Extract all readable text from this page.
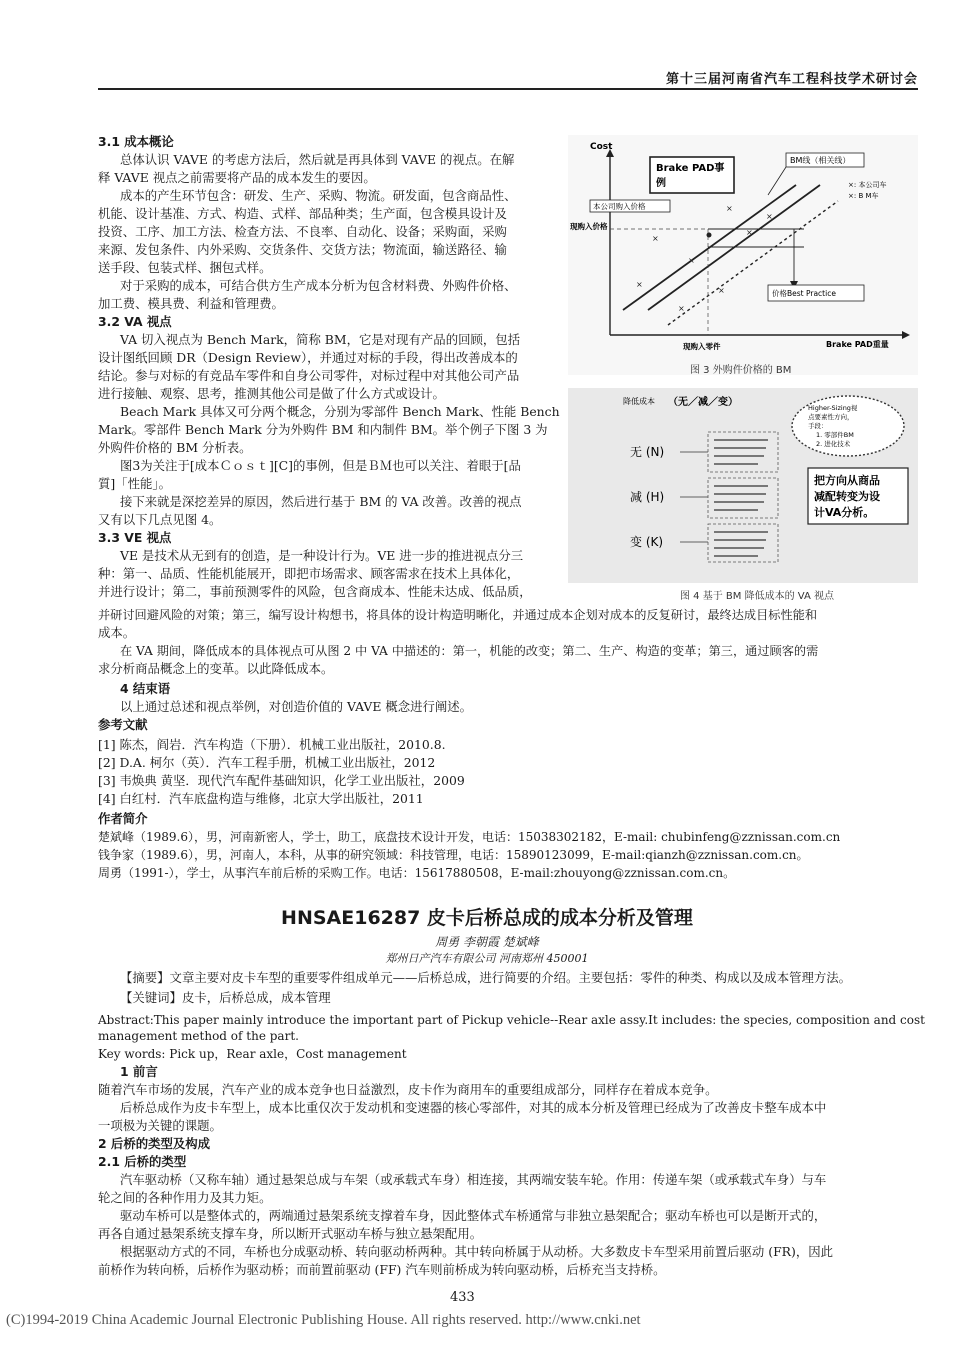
第十三届河南省汽车工程科技学术研讨会
3.1 成本概论
总体认识 VAVE 的考虑方法后，然后就是再具体到 VAVE 的视点。在解
释 VAVE 视点之前需要将产品的成本发生的要因。
成本的产生环节包含：研发、生产、采购、物流。研发面，包含商品性、
机能、设计基准、方式、构造、式样、部品种类；生产面，包含模具设计及
投资、工序、加工方法、检查方法、不良率、自动化、设备；采购面，采购
来源、发包条件、内外采购、交货条件、交货方法；物流面，输送路径、输
送手段、包装式样、捆包式样。
对于采购的成本，可结合供方生产成本分析为包含材料费、外购件价格、
加工费、模具费、利益和管理费。
3.2 VA 视点
VA 切入视点为 Bench Mark，简称 BM，它是对现有产品的回顾，包括
设计图纸回顾 DR（Design Review），并通过对标的手段，得出改善成本的
结论。参与对标的有竞品车零件和自身公司零件，对标过程中对其他公司产品
进行接触、观察、思考，推测其他公司是做了什么方式或设计。
Beach Mark 具体又可分两个概念，分别为零部件 Bench Mark、性能 Bench
Mark。零部件 Bench Mark 分为外购件 BM 和内制件 BM。举个例子下图 3 为
外购件价格的 BM 分析表。
图3为关注于[成本Ｃｏｓｔ][C]的事例，但是ＢＭ也可以关注、着眼于[品
質]「性能」。
接下来就是深挖差异的原因，然后进行基于 BM 的 VA 改善。改善的视点
又有以下几点见图 4。
3.3 VE 视点
VE 是技术从无到有的创造，是一种设计行为。VE 进一步的推进视点分三
种：第一、品质、性能机能展开，即把市场需求、顾客需求在技术上具体化，
并进行设计；第二，事前预测零件的风险，包含商成本、性能未达成、低品质，
并研讨回避风险的对策；第三，编写设计构想书，将具体的设计构造明晰化，并通过成本企划对成本的反复研讨，最终达成目标性能和
成本。
在 VA 期间，降低成本的具体视点可从图 2 中 VA 中描述的：第一，机能的改变；第二、生产、构造的变革；第三，通过顾客的需
求分析商品概念上的变革。以此降低成本。
4 结束语
以上通过总述和视点举例，对创造价值的 VAVE 概念进行阐述。
参考文献
[1] 陈杰，阎岩．汽车构造（下册）．机械工业出版社，2010.8.
[2] D.A. 柯尔（英）．汽车工程手册，机械工业出版社，2012
[3] 韦焕典 黄坚．现代汽车配件基础知识，化学工业出版社，2009
[4] 白红村．汽车底盘构造与维修，北京大学出版社，2011
作者简介
楚斌峰（1989.6），男，河南新密人，学士，助工，底盘技术设计开发，电话：15038302182，E-mail: chubinfeng@zznissan.com.cn
钱争家（1989.6），男，河南人，本科，从事的研究领域：科技管理，电话：15890123099，E-mail:qianzh@zznissan.com.cn。
周勇（1991-），学士，从事汽车前后桥的采购工作。电话：15617880508，E-mail:zhouyong@zznissan.com.cn。
Cost
Brake PAD重量
Brake PAD事
例
BM线（相关线）
×: 本公司车
×: B M车
本公司购入价格
现购入价格
价格Best Practice
×
×
×
×
×
×
×
×
现购入零件
图 3 外购件价格的 BM
降低成本 （无／减／变）
无 (N)
减 (H)
变 (K)
Higher-Sizing视
点要素性方向，
手段：
1. 零部件BM
2. 进化技术
把方向从商品
减配转变为设
计VA分析。
图 4 基于 BM 降低成本的 VA 视点
HNSAE16287 皮卡后桥总成的成本分析及管理
周勇 李朝霞 楚斌峰
郑州日产汽车有限公司 河南郑州 450001
【摘要】文章主要对皮卡车型的重要零件组成单元——后桥总成，进行简要的介绍。主要包括：零件的种类、构成以及成本管理方法。
【关键词】皮卡，后桥总成，成本管理
Abstract:This paper mainly introduce the important part of Pickup vehicle--Rear axle assy.It includes: the species, composition and cost
management method of the part.
Key words: Pick up，Rear axle，Cost management
1 前言
随着汽车市场的发展，汽车产业的成本竞争也日益激烈，皮卡作为商用车的重要组成部分，同样存在着成本竞争。
后桥总成作为皮卡车型上，成本比重仅次于发动机和变速器的核心零部件，对其的成本分析及管理已经成为了改善皮卡整车成本中
一项极为关键的课题。
2 后桥的类型及构成
2.1 后桥的类型
汽车驱动桥（又称车轴）通过悬架总成与车架（或承载式车身）相连接，其两端安装车轮。作用：传递车架（或承载式车身）与车
轮之间的各种作用力及其力矩。
驱动车桥可以是整体式的，两端通过悬架系统支撑着车身，因此整体式车桥通常与非独立悬架配合；驱动车桥也可以是断开式的，
再各自通过悬架系统支撑车身，所以断开式驱动车桥与独立悬架配用。
根据驱动方式的不同，车桥也分成驱动桥、转向驱动桥两种。其中转向桥属于从动桥。大多数皮卡车型采用前置后驱动 (FR)，因此
前桥作为转向桥，后桥作为驱动桥；而前置前驱动 (FF) 汽车则前桥成为转向驱动桥，后桥充当支持桥。
433
(C)1994-2019 China Academic Journal Electronic Publishing House. All rights reserved. http://www.cnki.net
